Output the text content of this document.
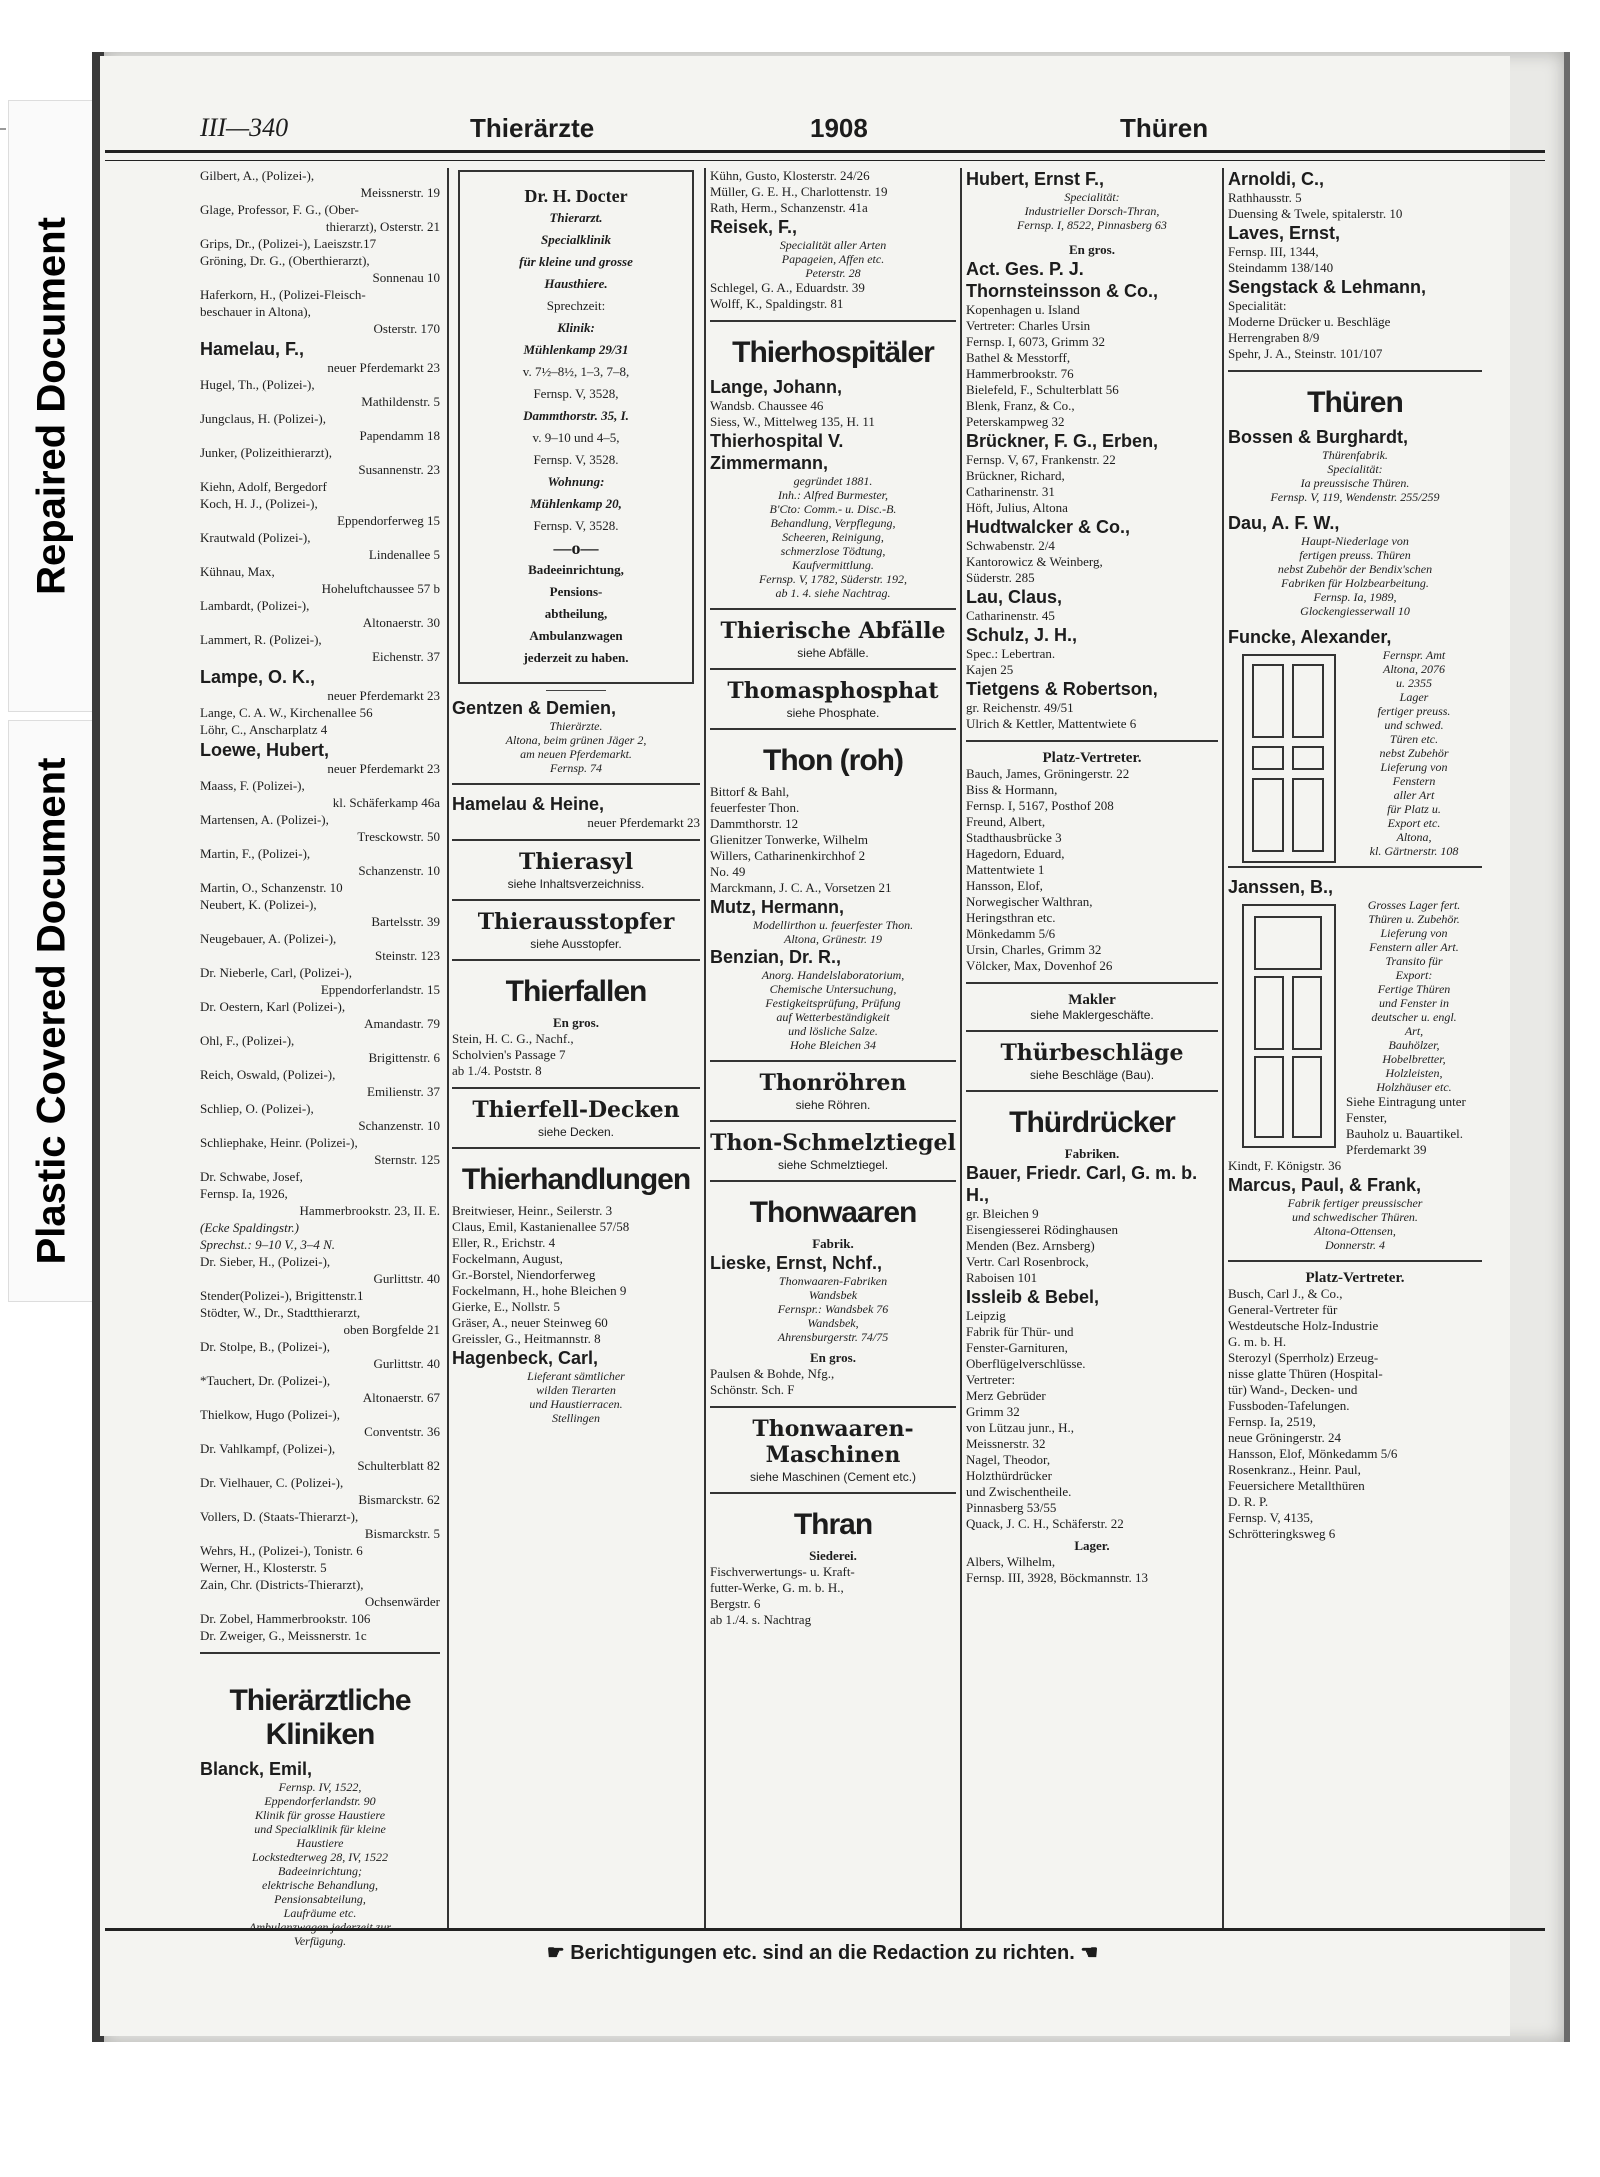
Repaired Document
Plastic Covered Document
III—340	Thierärzte	1908	Thüren
Gilbert, A., (Polizei-),
Meissnerstr. 19
Glage, Professor, F. G., (Ober-
thierarzt), Osterstr. 21
Grips, Dr., (Polizei-), Laeiszstr.17
Gröning, Dr. G., (Oberthierarzt),
Sonnenau 10
Haferkorn, H., (Polizei-Fleisch-
beschauer in Altona),
Osterstr. 170
Hamelau, F.,
neuer Pferdemarkt 23
Hugel, Th., (Polizei-),
Mathildenstr. 5
Jungclaus, H. (Polizei-),
Papendamm 18
Junker, (Polizeithierarzt),
Susannenstr. 23
Kiehn, Adolf, Bergedorf
Koch, H. J., (Polizei-),
Eppendorferweg 15
Krautwald (Polizei-),
Lindenallee 5
Kühnau, Max,
Hoheluftchaussee 57 b
Lambardt, (Polizei-),
Altonaerstr. 30
Lammert, R. (Polizei-),
Eichenstr. 37
Lampe, O. K.,
neuer Pferdemarkt 23
Lange, C. A. W., Kirchenallee 56
Löhr, C., Anscharplatz 4
Loewe, Hubert,
neuer Pferdemarkt 23
Maass, F. (Polizei-),
kl. Schäferkamp 46a
Martensen, A. (Polizei-),
Tresckowstr. 50
Martin, F., (Polizei-),
Schanzenstr. 10
Martin, O., Schanzenstr. 10
Neubert, K. (Polizei-),
Bartelsstr. 39
Neugebauer, A. (Polizei-),
Steinstr. 123
Dr. Nieberle, Carl, (Polizei-),
Eppendorferlandstr. 15
Dr. Oestern, Karl (Polizei-),
Amandastr. 79
Ohl, F., (Polizei-),
Brigittenstr. 6
Reich, Oswald, (Polizei-),
Emilienstr. 37
Schliep, O. (Polizei-),
Schanzenstr. 10
Schliephake, Heinr. (Polizei-),
Sternstr. 125
Dr. Schwabe, Josef,
Fernsp. Ia, 1926,
Hammerbrookstr. 23, II. E.
(Ecke Spaldingstr.)
Sprechst.: 9–10 V., 3–4 N.
Dr. Sieber, H., (Polizei-),
Gurlittstr. 40
Stender(Polizei-), Brigittenstr.1
Stödter, W., Dr., Stadtthierarzt,
oben Borgfelde 21
Dr. Stolpe, B., (Polizei-),
Gurlittstr. 40
*Tauchert, Dr. (Polizei-),
Altonaerstr. 67
Thielkow, Hugo (Polizei-),
Conventstr. 36
Dr. Vahlkampf, (Polizei-),
Schulterblatt 82
Dr. Vielhauer, C. (Polizei-),
Bismarckstr. 62
Vollers, D. (Staats-Thierarzt-),
Bismarckstr. 5
Wehrs, H., (Polizei-), Tonistr. 6
Werner, H., Klosterstr. 5
Zain, Chr. (Districts-Thierarzt),
Ochsenwärder
Dr. Zobel, Hammerbrookstr. 106
Dr. Zweiger, G., Meissnerstr. 1c
Thierärztliche Kliniken
Blanck, Emil,
Fernsp. IV, 1522,
Eppendorferlandstr. 90
Klinik für grosse Haustiere
und Specialklinik für kleine
Haustiere
Lockstedterweg 28, IV, 1522
Badeeinrichtung;
elektrische Behandlung,
Pensionsabteilung,
Laufräume etc.
Ambulanzwagen jederzeit zur
Verfügung.
Dr. H. Docter
Thierarzt.
Specialklinik
für kleine und grosse
Hausthiere.
Sprechzeit:
Klinik:
Mühlenkamp 29/31
v. 7½–8½, 1–3, 7–8,
Fernsp. V, 3528,
Dammthorstr. 35, I.
v. 9–10 und 4–5,
Fernsp. V, 3528.
Wohnung:
Mühlenkamp 20,
Fernsp. V, 3528.
—o—
Badeeinrichtung,
Pensions-
abtheilung,
Ambulanzwagen
jederzeit zu haben.
Gentzen & Demien,
Thierärzte.
Altona, beim grünen Jäger 2,
am neuen Pferdemarkt.
Fernsp. 74
Hamelau & Heine,
neuer Pferdemarkt 23
Thierasyl
siehe Inhaltsverzeichniss.
Thierausstopfer
siehe Ausstopfer.
Thierfallen
En gros.
Stein, H. C. G., Nachf.,
Scholvien's Passage 7
ab 1./4. Poststr. 8
Thierfell-Decken
siehe Decken.
Thierhandlungen
Breitwieser, Heinr., Seilerstr. 3
Claus, Emil, Kastanienallee 57/58
Eller, R., Erichstr. 4
Fockelmann, August,
Gr.-Borstel, Niendorferweg
Fockelmann, H., hohe Bleichen 9
Gierke, E., Nollstr. 5
Gräser, A., neuer Steinweg 60
Greissler, G., Heitmannstr. 8
Hagenbeck, Carl,
Lieferant sämtlicher
wilden Tierarten
und Haustierracen.
Stellingen
Kühn, Gusto, Klosterstr. 24/26
Müller, G. E. H., Charlottenstr. 19
Rath, Herm., Schanzenstr. 41a
Reisek, F.,
Specialität aller Arten
Papageien, Affen etc.
Peterstr. 28
Schlegel, G. A., Eduardstr. 39
Wolff, K., Spaldingstr. 81
Thierhospitäler
Lange, Johann,
Wandsb. Chaussee 46
Siess, W., Mittelweg 135, H. 11
Thierhospital V. Zimmermann,
gegründet 1881.
Inh.: Alfred Burmester,
B'Cto: Comm.- u. Disc.-B.
Behandlung, Verpflegung,
Scheeren, Reinigung,
schmerzlose Tödtung,
Kaufvermittlung.
Fernsp. V, 1782, Süderstr. 192,
ab 1. 4. siehe Nachtrag.
Thierische Abfälle
siehe Abfälle.
Thomasphosphat
siehe Phosphate.
Thon (roh)
Bittorf & Bahl,
feuerfester Thon.
Dammthorstr. 12
Glienitzer Tonwerke, Wilhelm
Willers, Catharinenkirchhof 2
No. 49
Marckmann, J. C. A., Vorsetzen 21
Mutz, Hermann,
Modellirthon u. feuerfester Thon.
Altona, Grünestr. 19
Benzian, Dr. R.,
Anorg. Handelslaboratorium,
Chemische Untersuchung,
Festigkeitsprüfung, Prüfung
auf Wetterbeständigkeit
und lösliche Salze.
Hohe Bleichen 34
Thonröhren
siehe Röhren.
Thon-Schmelztiegel
siehe Schmelztiegel.
Thonwaaren
Fabrik.
Lieske, Ernst, Nchf.,
Thonwaaren-Fabriken
Wandsbek
Fernspr.: Wandsbek 76
Wandsbek,
Ahrensburgerstr. 74/75
En gros.
Paulsen & Bohde, Nfg.,
Schönstr. Sch. F
Thonwaaren-Maschinen
siehe Maschinen (Cement etc.)
Thran
Siederei.
Fischverwertungs- u. Kraft-
futter-Werke, G. m. b. H.,
Bergstr. 6
ab 1./4. s. Nachtrag
Hubert, Ernst F.,
Specialität:
Industrieller Dorsch-Thran,
Fernsp. I, 8522, Pinnasberg 63
En gros.
Act. Ges. P. J. Thornsteinsson & Co.,
Kopenhagen u. Island
Vertreter: Charles Ursin
Fernsp. I, 6073, Grimm 32
Bathel & Messtorff,
Hammerbrookstr. 76
Bielefeld, F., Schulterblatt 56
Blenk, Franz, & Co.,
Peterskampweg 32
Brückner, F. G., Erben,
Fernsp. V, 67, Frankenstr. 22
Brückner, Richard,
Catharinenstr. 31
Höft, Julius, Altona
Hudtwalcker & Co.,
Schwabenstr. 2/4
Kantorowicz & Weinberg,
Süderstr. 285
Lau, Claus,
Catharinenstr. 45
Schulz, J. H.,
Spec.: Lebertran.
Kajen 25
Tietgens & Robertson,
gr. Reichenstr. 49/51
Ulrich & Kettler, Mattentwiete 6
Platz-Vertreter.
Bauch, James, Gröningerstr. 22
Biss & Hormann,
Fernsp. I, 5167, Posthof 208
Freund, Albert,
Stadthausbrücke 3
Hagedorn, Eduard,
Mattentwiete 1
Hansson, Elof,
Norwegischer Walthran,
Heringsthran etc.
Mönkedamm 5/6
Ursin, Charles, Grimm 32
Völcker, Max, Dovenhof 26
Makler
siehe Maklergeschäfte.
Thürbeschläge
siehe Beschläge (Bau).
Thürdrücker
Fabriken.
Bauer, Friedr. Carl, G. m. b. H.,
gr. Bleichen 9
Eisengiesserei Rödinghausen
Menden (Bez. Arnsberg)
Vertr. Carl Rosenbrock,
Raboisen 101
Issleib & Bebel,
Leipzig
Fabrik für Thür- und
Fenster-Garnituren,
Oberflügelverschlüsse.
Vertreter:
Merz Gebrüder
Grimm 32
von Lützau junr., H.,
Meissnerstr. 32
Nagel, Theodor,
Holzthürdrücker
und Zwischentheile.
Pinnasberg 53/55
Quack, J. C. H., Schäferstr. 22
Lager.
Albers, Wilhelm,
Fernsp. III, 3928, Böckmannstr. 13
Arnoldi, C.,
Rathhausstr. 5
Duensing & Twele, spitalerstr. 10
Laves, Ernst,
Fernsp. III, 1344,
Steindamm 138/140
Sengstack & Lehmann,
Specialität:
Moderne Drücker u. Beschläge
Herrengraben 8/9
Spehr, J. A., Steinstr. 101/107
Thüren
Bossen & Burghardt,
Thürenfabrik.
Specialität:
Ia preussische Thüren.
Fernsp. V, 119, Wendenstr. 255/259
Dau, A. F. W.,
Haupt-Niederlage von
fertigen preuss. Thüren
nebst Zubehör der Bendix'schen
Fabriken für Holzbearbeitung.
Fernsp. Ia, 1989,
Glockengiesserwall 10
Funcke, Alexander,
Fernspr. Amt
Altona, 2076
u. 2355
Lager
fertiger preuss.
und schwed.
Türen etc.
nebst Zubehör
Lieferung von
Fenstern
aller Art
für Platz u.
Export etc.
Altona,
kl. Gärtnerstr. 108
Janssen, B.,
Grosses Lager fert.
Thüren u. Zubehör.
Lieferung von
Fenstern aller Art.
Transito für
Export:
Fertige Thüren
und Fenster in
deutscher u. engl.
Art,
Bauhölzer,
Hobelbretter,
Holzleisten,
Holzhäuser etc.
Siehe Eintragung unter Fenster,
Bauholz u. Bauartikel.
Pferdemarkt 39
Kindt, F. Königstr. 36
Marcus, Paul, & Frank,
Fabrik fertiger preussischer
und schwedischer Thüren.
Altona-Ottensen,
Donnerstr. 4
Platz-Vertreter.
Busch, Carl J., & Co.,
General-Vertreter für
Westdeutsche Holz-Industrie
G. m. b. H.
Sterozyl (Sperrholz) Erzeug-
nisse glatte Thüren (Hospital-
tür) Wand-, Decken- und
Fussboden-Tafelungen.
Fernsp. Ia, 2519,
neue Gröningerstr. 24
Hansson, Elof, Mönkedamm 5/6
Rosenkranz., Heinr. Paul,
Feuersichere Metallthüren
D. R. P.
Fernsp. V, 4135,
Schrötteringksweg 6
☛ Berichtigungen etc. sind an die Redaction zu richten. ☚
